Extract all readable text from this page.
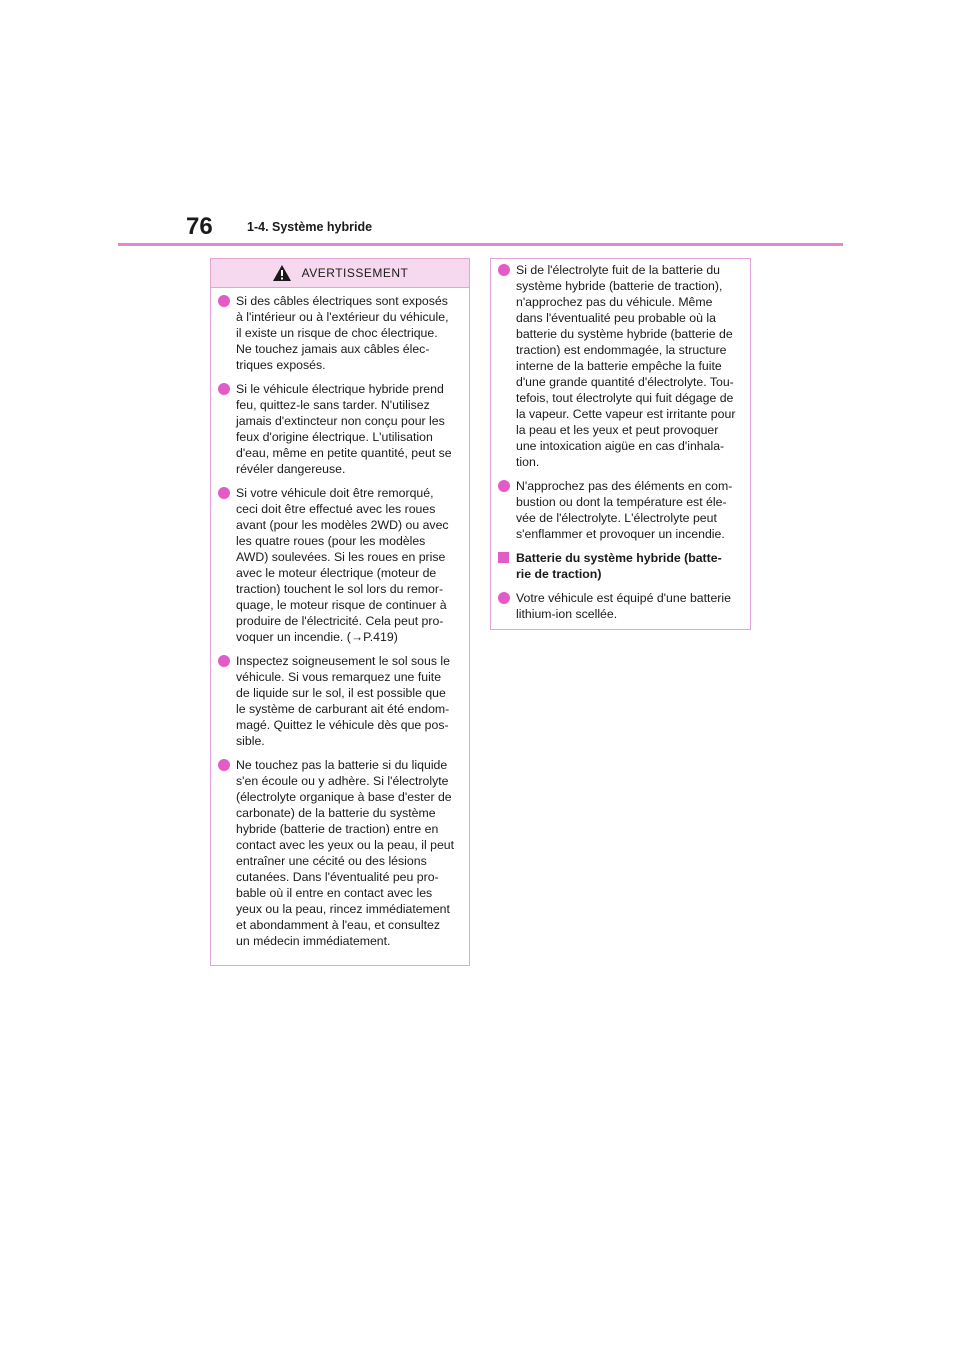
76	1-4. Système hybride
AVERTISSEMENT
Si des câbles électriques sont exposés
à l'intérieur ou à l'extérieur du véhicule,
il existe un risque de choc électrique.
Ne touchez jamais aux câbles élec-
triques exposés.
Si le véhicule électrique hybride prend
feu, quittez-le sans tarder. N'utilisez
jamais d'extincteur non conçu pour les
feux d'origine électrique. L'utilisation
d'eau, même en petite quantité, peut se
révéler dangereuse.
Si votre véhicule doit être remorqué,
ceci doit être effectué avec les roues
avant (pour les modèles 2WD) ou avec
les quatre roues (pour les modèles
AWD) soulevées. Si les roues en prise
avec le moteur électrique (moteur de
traction) touchent le sol lors du remor-
quage, le moteur risque de continuer à
produire de l'électricité. Cela peut pro-
voquer un incendie. (→P.419)
Inspectez soigneusement le sol sous le
véhicule. Si vous remarquez une fuite
de liquide sur le sol, il est possible que
le système de carburant ait été endom-
magé. Quittez le véhicule dès que pos-
sible.
Ne touchez pas la batterie si du liquide
s'en écoule ou y adhère. Si l'électrolyte
(électrolyte organique à base d'ester de
carbonate) de la batterie du système
hybride (batterie de traction) entre en
contact avec les yeux ou la peau, il peut
entraîner une cécité ou des lésions
cutanées. Dans l'éventualité peu pro-
bable où il entre en contact avec les
yeux ou la peau, rincez immédiatement
et abondamment à l'eau, et consultez
un médecin immédiatement.
Si de l'électrolyte fuit de la batterie du
système hybride (batterie de traction),
n'approchez pas du véhicule. Même
dans l'éventualité peu probable où la
batterie du système hybride (batterie de
traction) est endommagée, la structure
interne de la batterie empêche la fuite
d'une grande quantité d'électrolyte. Tou-
tefois, tout électrolyte qui fuit dégage de
la vapeur. Cette vapeur est irritante pour
la peau et les yeux et peut provoquer
une intoxication aigüe en cas d'inhala-
tion.
N'approchez pas des éléments en com-
bustion ou dont la température est éle-
vée de l'électrolyte. L'électrolyte peut
s'enflammer et provoquer un incendie.
Batterie du système hybride (batte-
rie de traction)
Votre véhicule est équipé d'une batterie
lithium-ion scellée.
